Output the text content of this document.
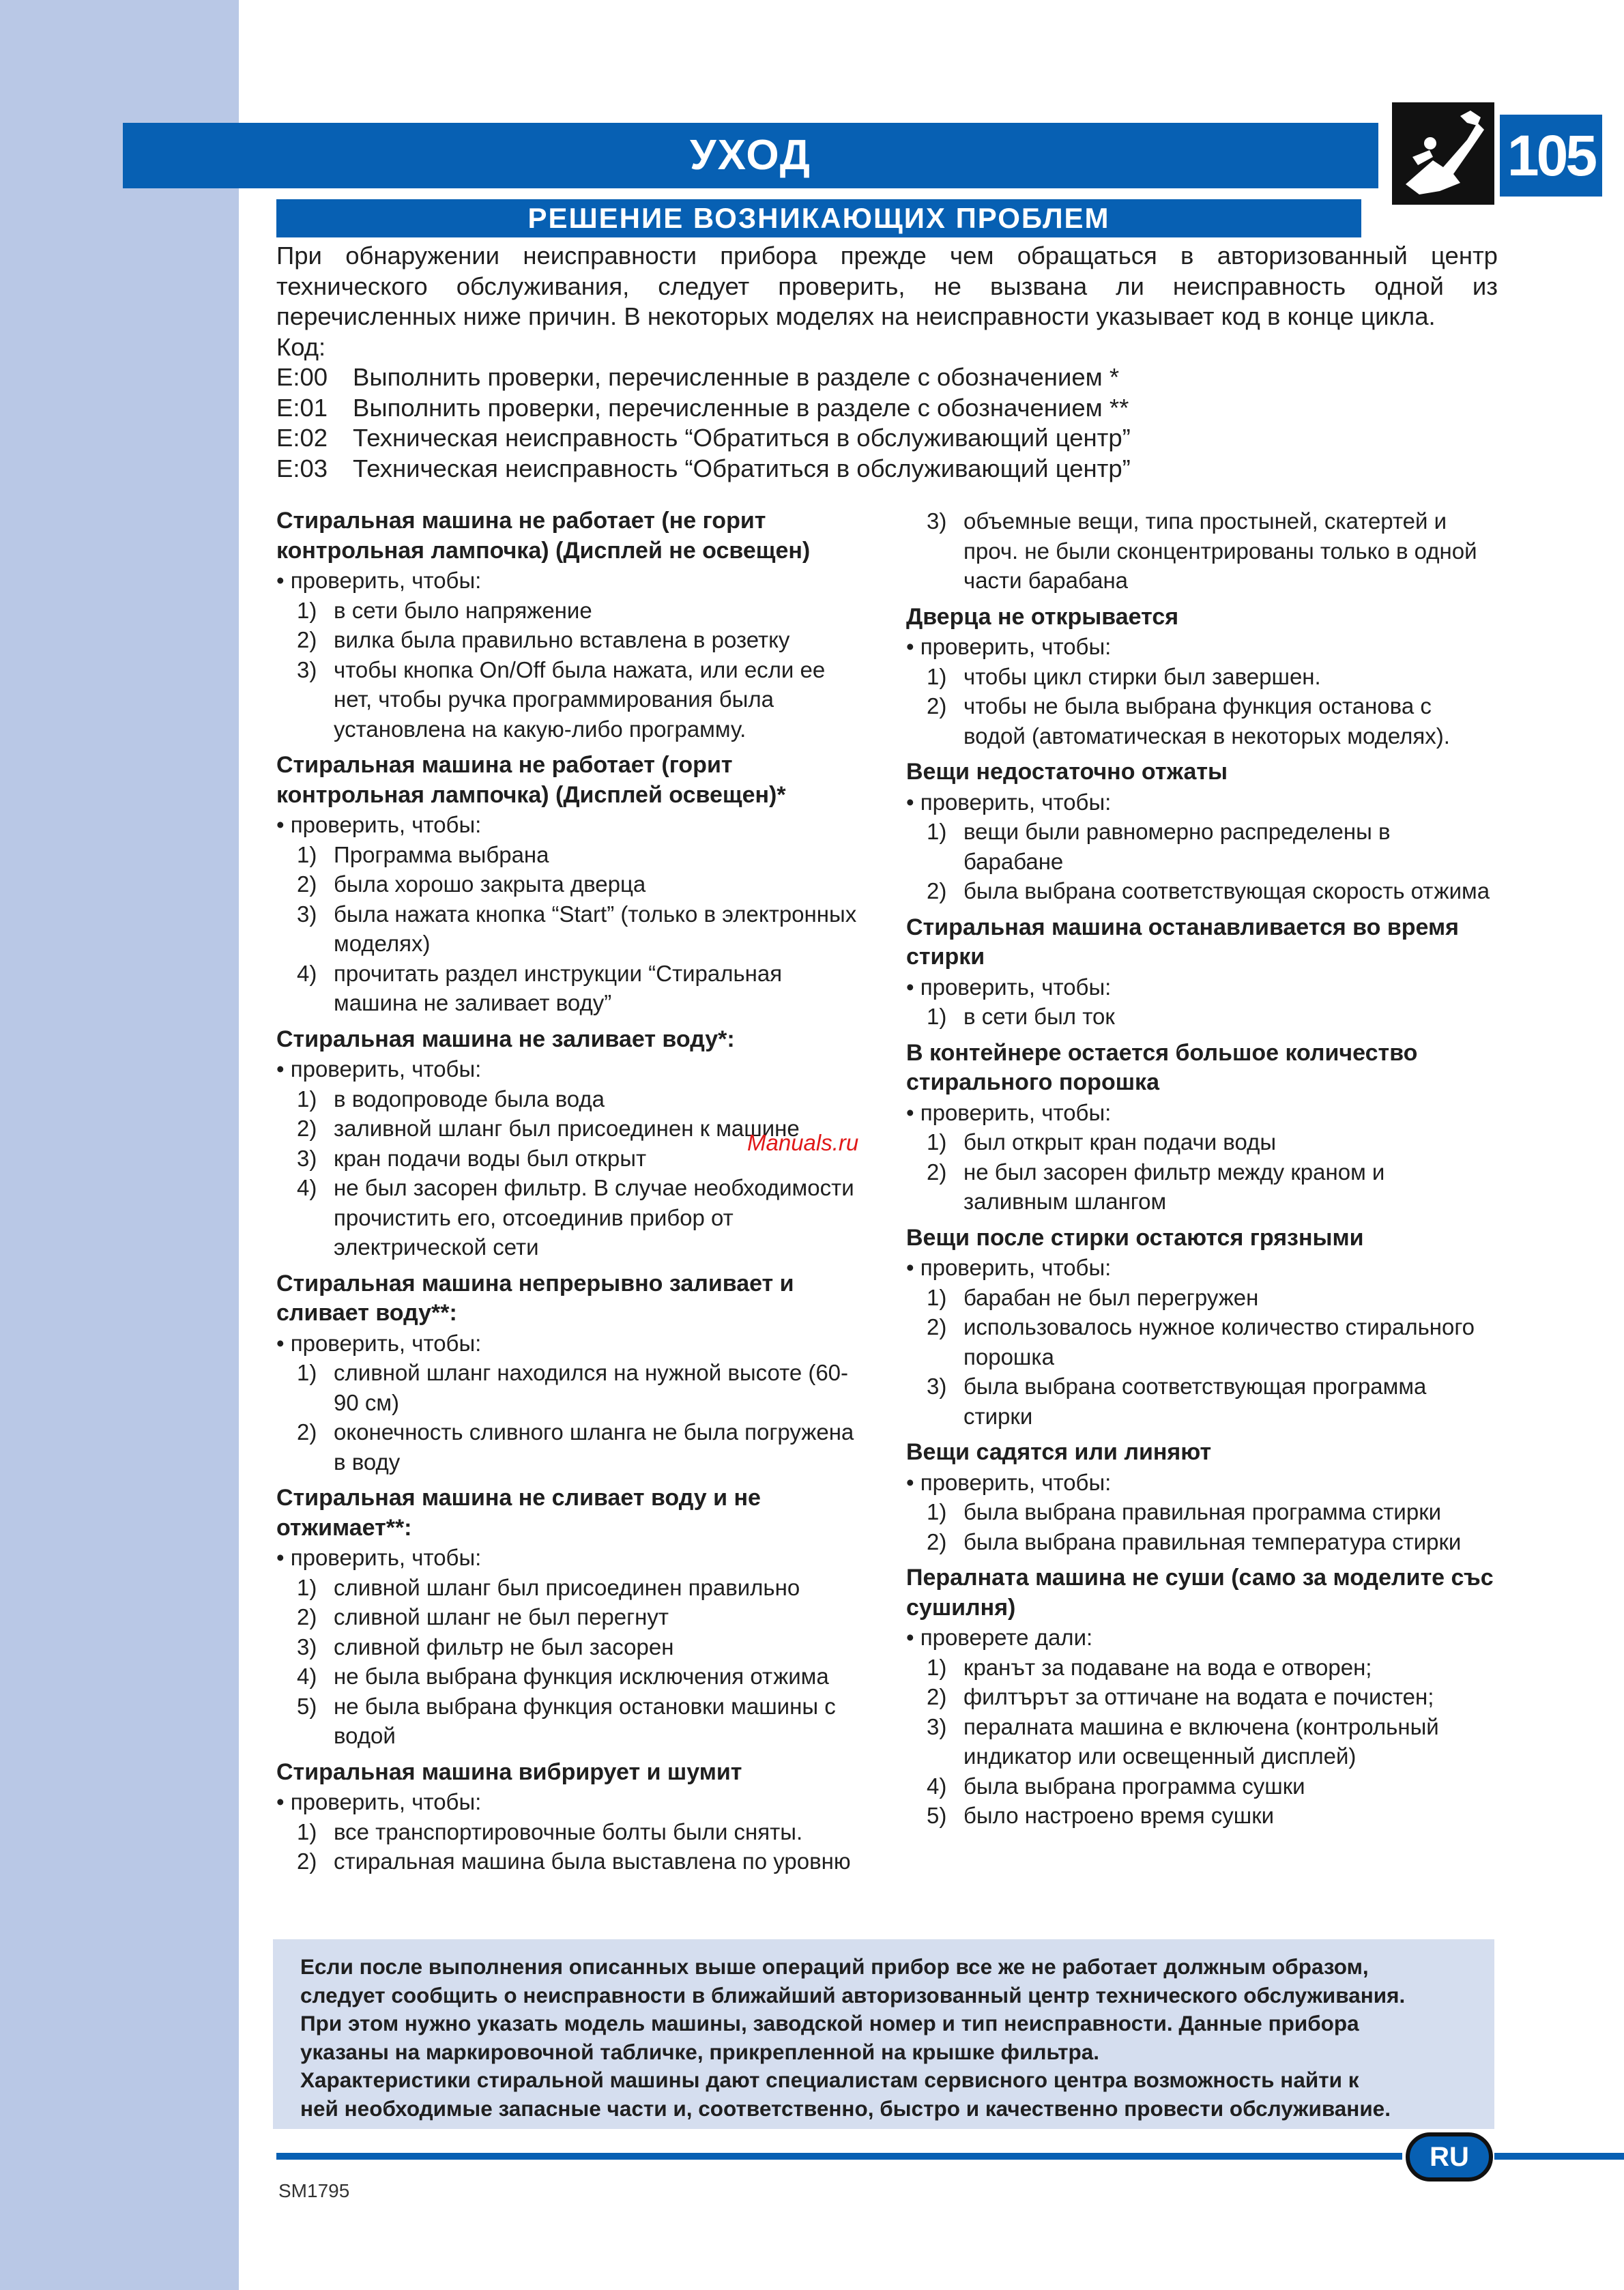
УХОД	105
РЕШЕНИЕ ВОЗНИКАЮЩИХ ПРОБЛЕМ

При обнаружении неисправности прибора прежде чем обращаться в авторизованный центр

технического обслуживания, следует проверить, не вызвана ли неисправность одной из

перечисленных ниже причин. В некоторых моделях на неисправности указывает код в конце цикла.

Код:
E:00 Выполнить проверки, перечисленные в разделе с обозначением *
E:01 Выполнить проверки, перечисленные в разделе с обозначением **
E:02 Техническая неисправность “Обратиться в обслуживающий центр”
E:03 Техническая неисправность “Обратиться в обслуживающий центр”
Стиральная машина не работает (не горит контрольная лампочка) (Дисплей не освещен)
• проверить, чтобы:
1) в сети было напряжение
2) вилка была правильно вставлена в розетку
3) чтобы кнопка On/Off была нажата, или если ее нет, чтобы ручка программирования была установлена на какую-либо программу.
Стиральная машина не работает (горит контрольная лампочка) (Дисплей освещен)*
• проверить, чтобы:
1) Программа выбрана
2) была хорошо закрыта дверца
3) была нажата кнопка “Start” (только в электронных моделях)
4) прочитать раздел инструкции “Стиральная машина не заливает воду”
Стиральная машина не заливает воду*:
• проверить, чтобы:
1) в водопроводе была вода
2) заливной шланг был присоединен к машине
3) кран подачи воды был открыт
4) не был засорен фильтр. В случае необходимости прочистить его, отсоединив прибор от электрической сети
Стиральная машина непрерывно заливает и сливает воду**:
• проверить, чтобы:
1) сливной шланг находился на нужной высоте (60-90 см)
2) оконечность сливного шланга не была погружена в воду
Стиральная машина не сливает воду и не отжимает**:
• проверить, чтобы:
1) сливной шланг был присоединен правильно
2) сливной шланг не был перегнут
3) сливной фильтр не был засорен
4) не была выбрана функция исключения отжима
5) не была выбрана функция остановки машины с водой
Стиральная машина вибрирует и шумит
• проверить, чтобы:
1) все транспортировочные болты были сняты.
2) стиральная машина была выставлена по уровню
Manuals.ru
3) объемные вещи, типа простыней, скатертей и проч. не были сконцентрированы только в одной части барабана
Дверца не открывается
• проверить, чтобы:
1) чтобы цикл стирки был завершен.
2) чтобы не была выбрана функция останова с водой (автоматическая в некоторых моделях).
Вещи недостаточно отжаты
• проверить, чтобы:
1) вещи были равномерно распределены в барабане
2) была выбрана соответствующая скорость отжима
Стиральная машина останавливается во время стирки
• проверить, чтобы:
1) в сети был ток
В контейнере остается большое количество стирального порошка
• проверить, чтобы:
1) был открыт кран подачи воды
2) не был засорен фильтр между краном и заливным шлангом
Вещи после стирки остаются грязными
• проверить, чтобы:
1) барабан не был перегружен
2) использовалось нужное количество стирального порошка
3) была выбрана соответствующая программа стирки
Вещи садятся или линяют
• проверить, чтобы:
1) была выбрана правильная программа стирки
2) была выбрана правильная температура стирки
Пералната машина не суши (само за моделите със сушилня)
• проверете дали:
1) кранът за подаване на вода е отворен;
2) филтърът за оттичане на водата е почистен;
3) пералната машина е включена (контрольный индикатор или освещенный дисплей)
4) была выбрана программа сушки
5) было настроено время сушки

Если после выполнения описанных выше операций прибор все же не работает должным образом,

следует сообщить о неисправности в ближайший авторизованный центр технического обслуживания.

При этом нужно указать модель машины, заводской номер и тип неисправности. Данные прибора

указаны на маркировочной табличке, прикрепленной на крышке фильтра.

Характеристики стиральной машины дают специалистам сервисного центра возможность найти к

ней необходимые запасные части и, соответственно, быстро и качественно провести обслуживание.

RU
SM1795
